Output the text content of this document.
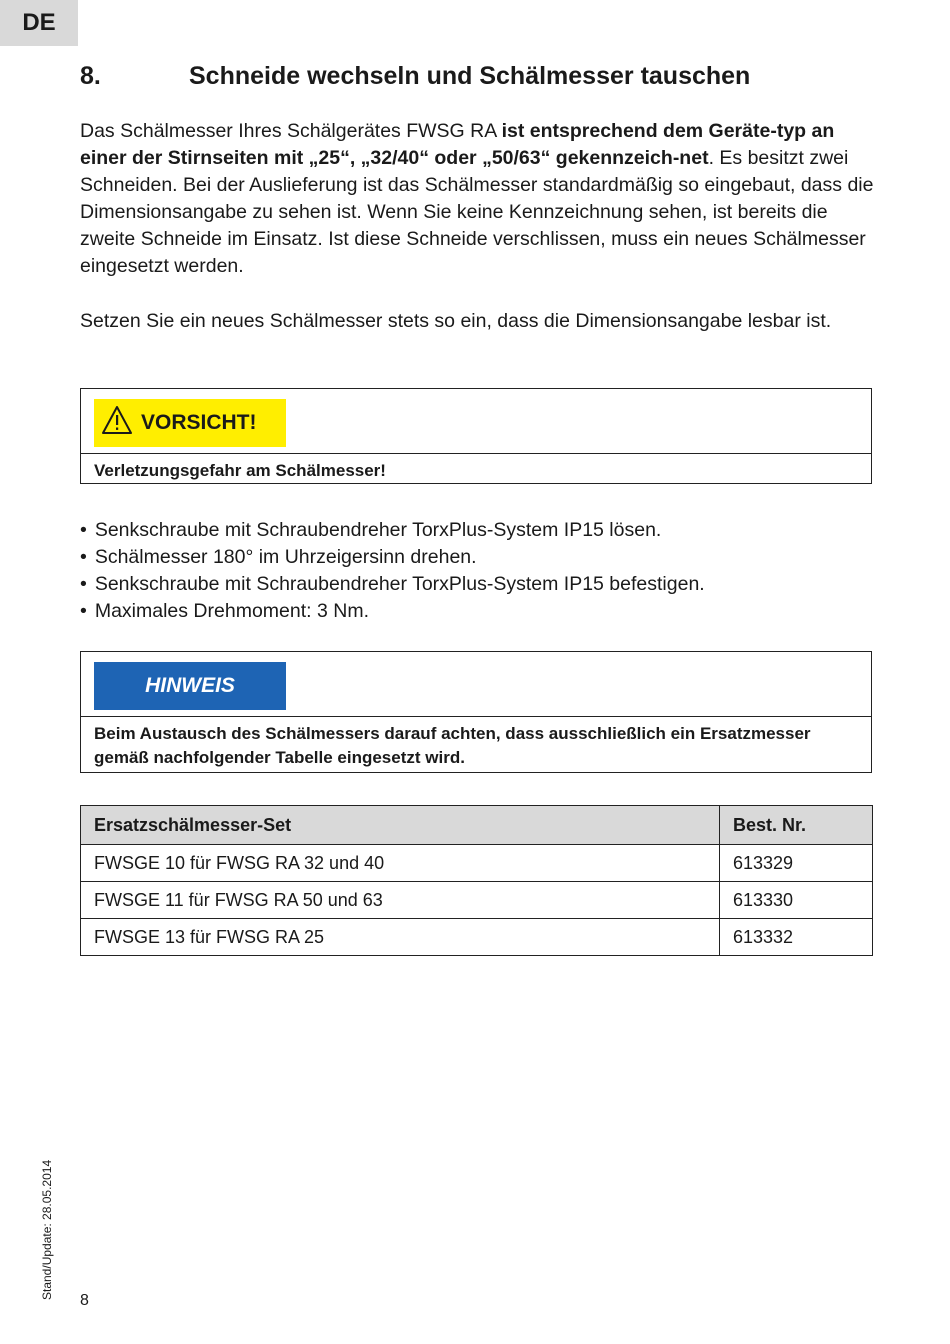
DE
8.	Schneide wechseln und Schälmesser tauschen

Das Schälmesser Ihres Schälgerätes FWSG RA ist entsprechend dem Geräte-typ an einer der Stirnseiten mit „25“, „32/40“ oder „50/63“ gekennzeich-net. Es besitzt zwei Schneiden. Bei der Auslieferung ist das Schälmesser standardmäßig so eingebaut, dass die Dimensionsangabe zu sehen ist. Wenn Sie keine Kennzeichnung sehen, ist bereits die zweite Schneide im Einsatz. Ist diese Schneide verschlissen, muss ein neues Schälmesser eingesetzt werden.

Setzen Sie ein neues Schälmesser stets so ein, dass die Dimensionsangabe lesbar ist.

VORSICHT!
Verletzungsgefahr am Schälmesser!
• Senkschraube mit Schraubendreher TorxPlus-System IP15 lösen.
• Schälmesser 180° im Uhrzeigersinn drehen.
• Senkschraube mit Schraubendreher TorxPlus-System IP15 befestigen.
• Maximales Drehmoment: 3 Nm.
HINWEIS
Beim Austausch des Schälmessers darauf achten, dass ausschließlich ein Ersatzmesser gemäß nachfolgender Tabelle eingesetzt wird.
Ersatzschälmesser-Set	Best. Nr.
FWSGE 10 für FWSG RA 32 und 40	613329
FWSGE 11 für FWSG RA 50 und 63	613330
FWSGE 13 für FWSG RA 25	613332
Stand/Update: 28.05.2014
8
